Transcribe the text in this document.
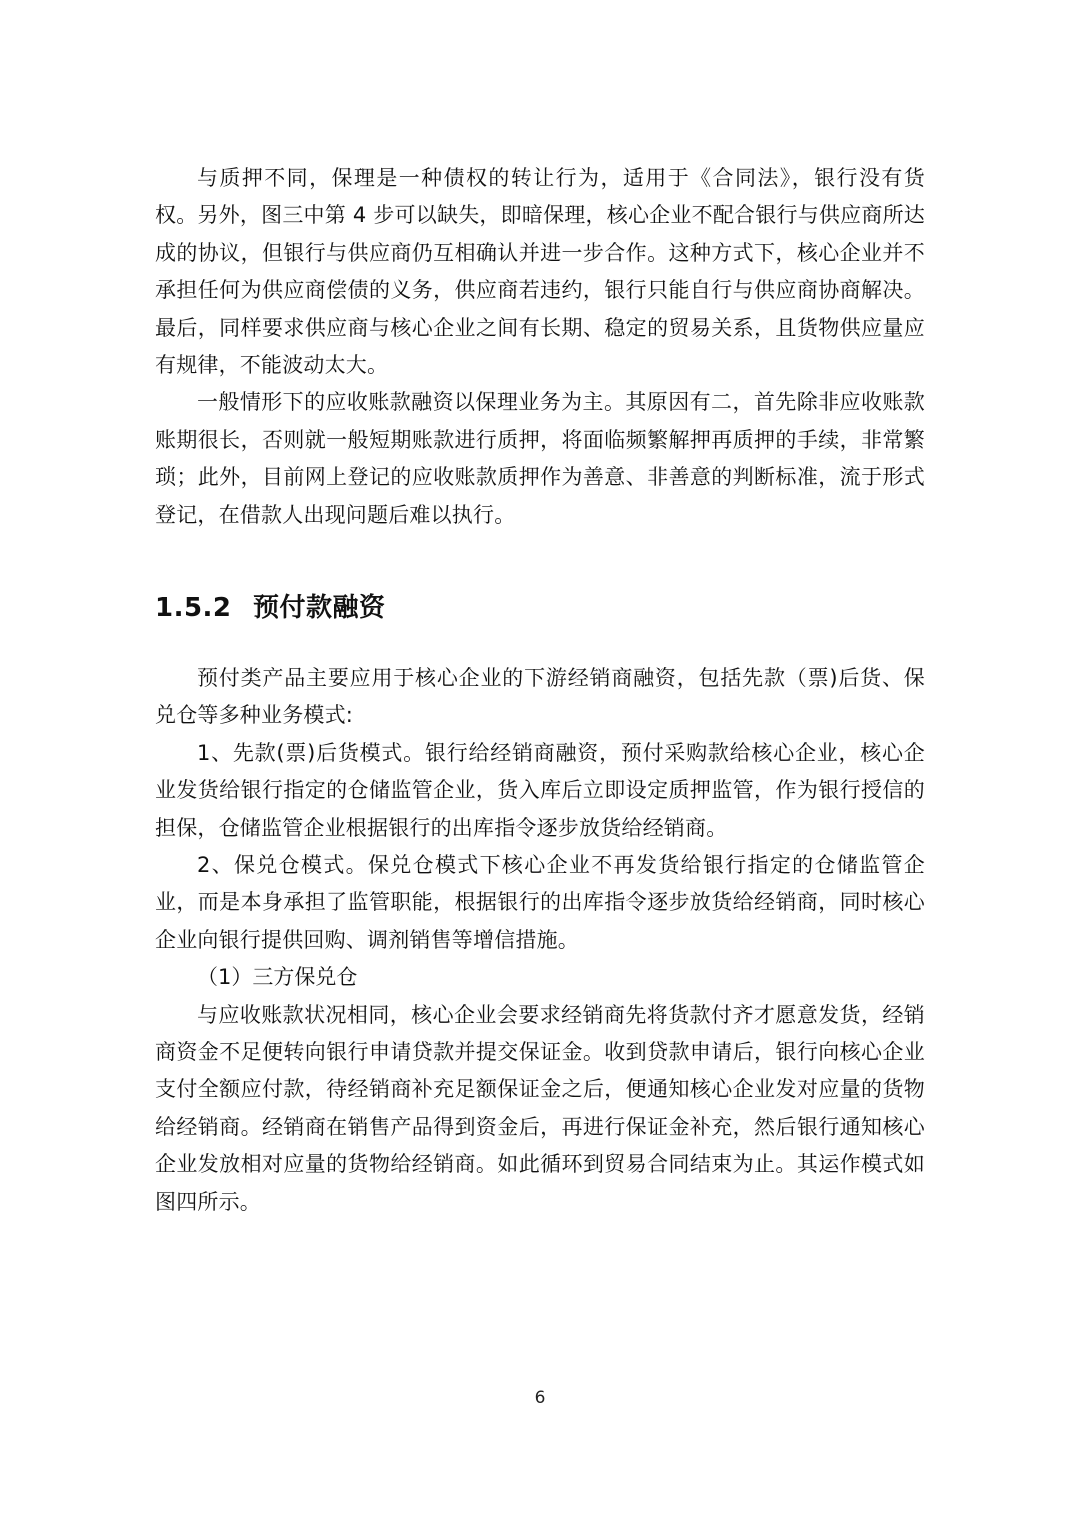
与质押不同，保理是一种债权的转让行为，适用于《合同法》，银行没有货权。另外，图三中第 4 步可以缺失，即暗保理，核心企业不配合银行与供应商所达成的协议，但银行与供应商仍互相确认并进一步合作。这种方式下，核心企业并不承担任何为供应商偿债的义务，供应商若违约，银行只能自行与供应商协商解决。最后，同样要求供应商与核心企业之间有长期、稳定的贸易关系，且货物供应量应有规律，不能波动太大。

一般情形下的应收账款融资以保理业务为主。其原因有二，首先除非应收账款账期很长，否则就一般短期账款进行质押，将面临频繁解押再质押的手续，非常繁琐；此外，目前网上登记的应收账款质押作为善意、非善意的判断标准，流于形式登记，在借款人出现问题后难以执行。

1.5.2 预付款融资

预付类产品主要应用于核心企业的下游经销商融资，包括先款（票)后货、保兑仓等多种业务模式:

1、先款(票)后货模式。银行给经销商融资，预付采购款给核心企业，核心企业发货给银行指定的仓储监管企业，货入库后立即设定质押监管，作为银行授信的担保，仓储监管企业根据银行的出库指令逐步放货给经销商。

2、保兑仓模式。保兑仓模式下核心企业不再发货给银行指定的仓储监管企业，而是本身承担了监管职能，根据银行的出库指令逐步放货给经销商，同时核心企业向银行提供回购、调剂销售等增信措施。

（1）三方保兑仓

与应收账款状况相同，核心企业会要求经销商先将货款付齐才愿意发货，经销商资金不足便转向银行申请贷款并提交保证金。收到贷款申请后，银行向核心企业支付全额应付款，待经销商补充足额保证金之后，便通知核心企业发对应量的货物给经销商。经销商在销售产品得到资金后，再进行保证金补充，然后银行通知核心企业发放相对应量的货物给经销商。如此循环到贸易合同结束为止。其运作模式如图四所示。

6
